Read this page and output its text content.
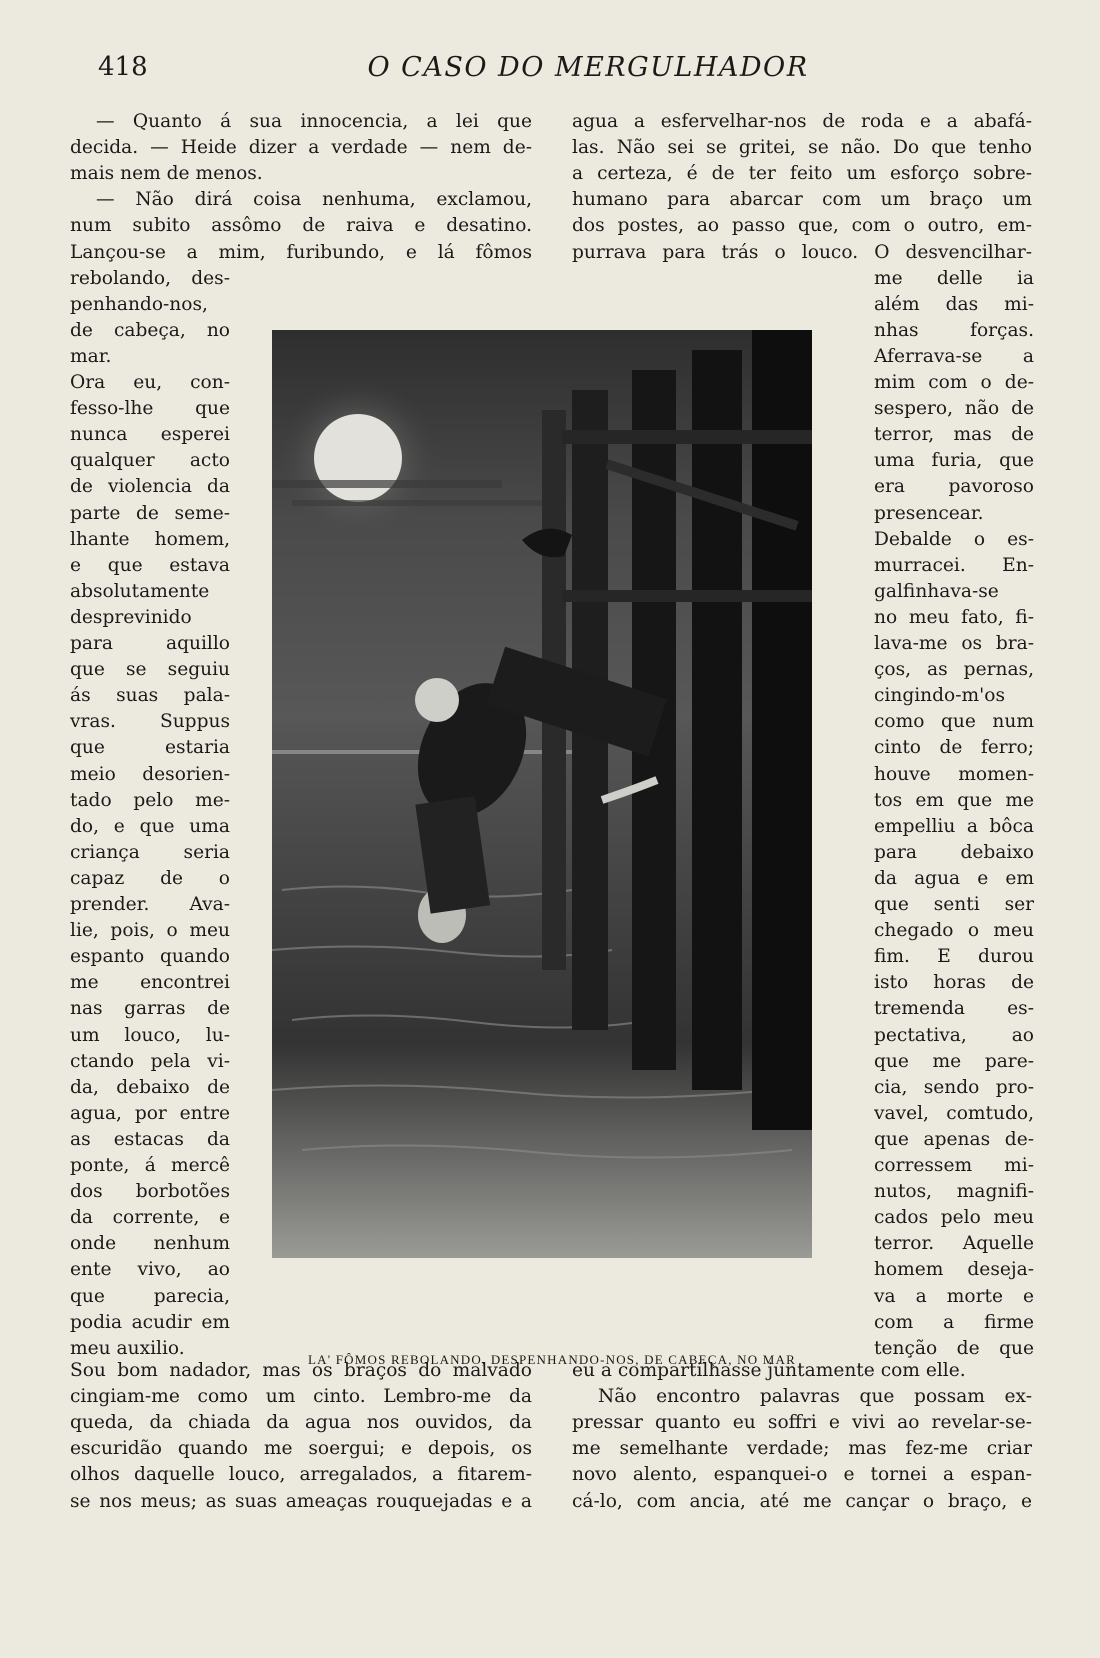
418	O CASO DO MERGULHADOR
— Quanto á sua innocencia, a lei que
decida. — Heide dizer a verdade — nem de-
mais nem de menos.
— Não dirá coisa nenhuma, exclamou,
num subito assômo de raiva e desatino.
Lançou-se a mim, furibundo, e lá fômos
rebolando, des-
penhando-nos,
de cabeça, no
mar.
Ora eu, con-
fesso-lhe que
nunca esperei
qualquer acto
de violencia da
parte de seme-
lhante homem,
e que estava
absolutamente
desprevinido
para aquillo
que se seguiu
ás suas pala-
vras. Suppus
que estaria
meio desorien-
tado pelo me-
do, e que uma
criança seria
capaz de o
prender. Ava-
lie, pois, o meu
espanto quando
me encontrei
nas garras de
um louco, lu-
ctando pela vi-
da, debaixo de
agua, por entre
as estacas da
ponte, á mercê
dos borbotões
da corrente, e
onde nenhum
ente vivo, ao
que parecia,
podia acudir em
meu auxilio.
Sou bom nadador, mas os braços do malvado
cingiam-me como um cinto. Lembro-me da
queda, da chiada da agua nos ouvidos, da
escuridão quando me soergui; e depois, os
olhos daquelle louco, arregalados, a fitarem-
se nos meus; as suas ameaças rouquejadas e a
agua a esfervelhar-nos de roda e a abafá-
las. Não sei se gritei, se não. Do que tenho
a certeza, é de ter feito um esforço sobre-
humano para abarcar com um braço um
dos postes, ao passo que, com o outro, em-
purrava para trás o louco. O desvencilhar-
me delle ia
além das mi-
nhas forças.
Aferrava-se a
mim com o de-
sespero, não de
terror, mas de
uma furia, que
era pavoroso
presencear.
Debalde o es-
murracei. En-
galfinhava-se
no meu fato, fi-
lava-me os bra-
ços, as pernas,
cingindo-m'os
como que num
cinto de ferro;
houve momen-
tos em que me
empelliu a bôca
para debaixo
da agua e em
que senti ser
chegado o meu
fim. E durou
isto horas de
tremenda es-
pectativa, ao
que me pare-
cia, sendo pro-
vavel, comtudo,
que apenas de-
corressem mi-
nutos, magnifi-
cados pelo meu
terror. Aquelle
homem deseja-
va a morte e
com a firme
tenção de que
eu a compartilhasse juntamente com elle.
Não encontro palavras que possam ex-
pressar quanto eu soffri e vivi ao revelar-se-
me semelhante verdade; mas fez-me criar
novo alento, espanquei-o e tornei a espan-
cá-lo, com ancia, até me cançar o braço, e
LA' FÔMOS REBOLANDO, DESPENHANDO-NOS, DE CABEÇA, NO MAR
